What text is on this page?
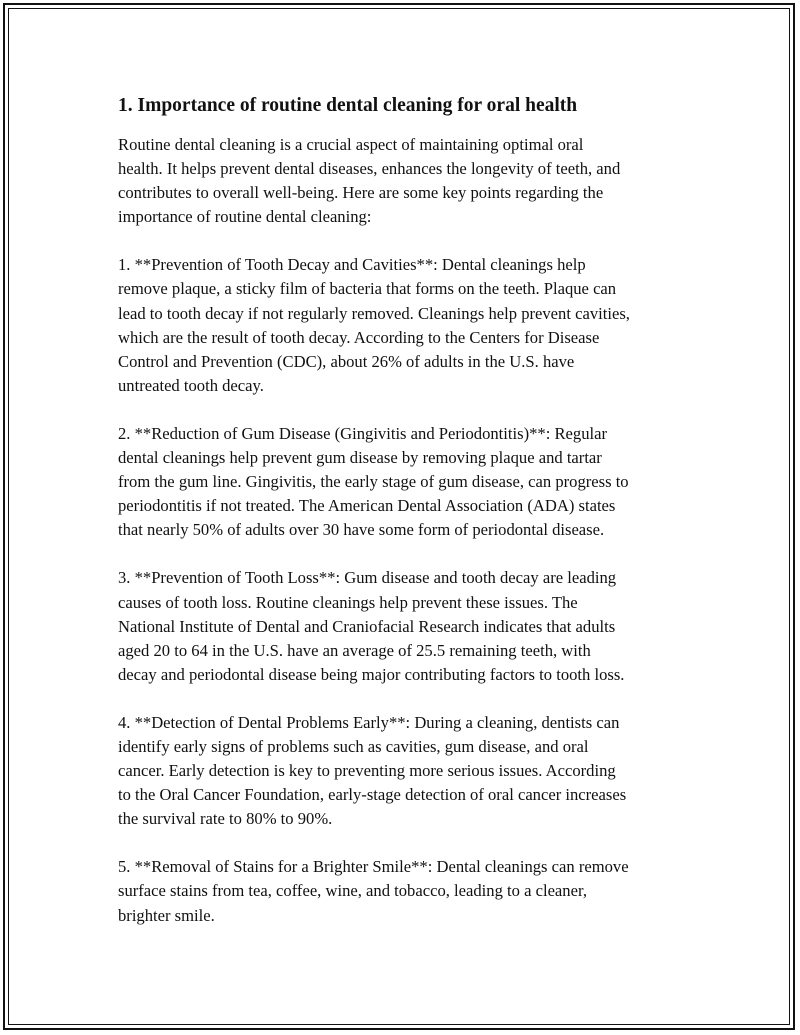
1. Importance of routine dental cleaning for oral health

Routine dental cleaning is a crucial aspect of maintaining optimal oral
health. It helps prevent dental diseases, enhances the longevity of teeth, and
contributes to overall well-being. Here are some key points regarding the
importance of routine dental cleaning:

1. **Prevention of Tooth Decay and Cavities**: Dental cleanings help
remove plaque, a sticky film of bacteria that forms on the teeth. Plaque can
lead to tooth decay if not regularly removed. Cleanings help prevent cavities,
which are the result of tooth decay. According to the Centers for Disease
Control and Prevention (CDC), about 26% of adults in the U.S. have
untreated tooth decay.

2. **Reduction of Gum Disease (Gingivitis and Periodontitis)**: Regular
dental cleanings help prevent gum disease by removing plaque and tartar
from the gum line. Gingivitis, the early stage of gum disease, can progress to
periodontitis if not treated. The American Dental Association (ADA) states
that nearly 50% of adults over 30 have some form of periodontal disease.

3. **Prevention of Tooth Loss**: Gum disease and tooth decay are leading
causes of tooth loss. Routine cleanings help prevent these issues. The
National Institute of Dental and Craniofacial Research indicates that adults
aged 20 to 64 in the U.S. have an average of 25.5 remaining teeth, with
decay and periodontal disease being major contributing factors to tooth loss.

4. **Detection of Dental Problems Early**: During a cleaning, dentists can
identify early signs of problems such as cavities, gum disease, and oral
cancer. Early detection is key to preventing more serious issues. According
to the Oral Cancer Foundation, early-stage detection of oral cancer increases
the survival rate to 80% to 90%.

5. **Removal of Stains for a Brighter Smile**: Dental cleanings can remove
surface stains from tea, coffee, wine, and tobacco, leading to a cleaner,
brighter smile.
